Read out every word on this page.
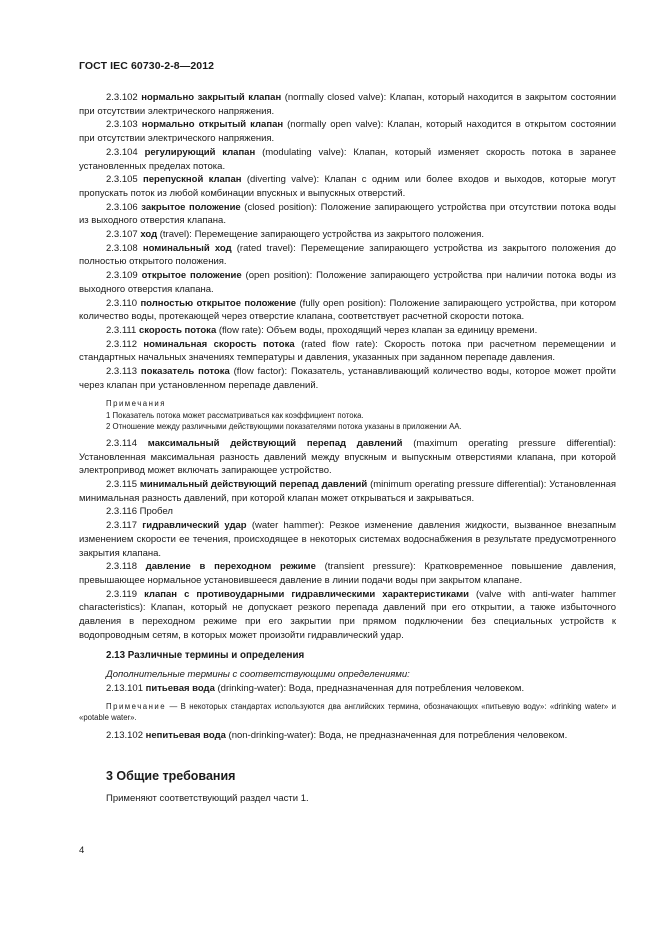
ГОСТ IEC 60730-2-8—2012

2.3.102 нормально закрытый клапан (normally closed valve): Клапан, который находится в закрытом состоянии при отсутствии электрического напряжения.

2.3.103 нормально открытый клапан (normally open valve): Клапан, который находится в открытом состоянии при отсутствии электрического напряжения.

2.3.104 регулирующий клапан (modulating valve): Клапан, который изменяет скорость потока в заранее установленных пределах потока.

2.3.105 перепускной клапан (diverting valve): Клапан с одним или более входов и выходов, которые могут пропускать поток из любой комбинации впускных и выпускных отверстий.

2.3.106 закрытое положение (closed position): Положение запирающего устройства при отсутствии потока воды из выходного отверстия клапана.

2.3.107 ход (travel): Перемещение запирающего устройства из закрытого положения.

2.3.108 номинальный ход (rated travel): Перемещение запирающего устройства из закрытого положения до полностью открытого положения.

2.3.109 открытое положение (open position): Положение запирающего устройства при наличии потока воды из выходного отверстия клапана.

2.3.110 полностью открытое положение (fully open position): Положение запирающего устройства, при котором количество воды, протекающей через отверстие клапана, соответствует расчетной скорости потока.

2.3.111 скорость потока (flow rate): Объем воды, проходящий через клапан за единицу времени.

2.3.112 номинальная скорость потока (rated flow rate): Скорость потока при расчетном перемещении и стандартных начальных значениях температуры и давления, указанных при заданном перепаде давления.

2.3.113 показатель потока (flow factor): Показатель, устанавливающий количество воды, которое может пройти через клапан при установленном перепаде давлений.

Примечания

1 Показатель потока может рассматриваться как коэффициент потока.

2 Отношение между различными действующими показателями потока указаны в приложении АА.

2.3.114 максимальный действующий перепад давлений (maximum operating pressure differential): Установленная максимальная разность давлений между впускным и выпускным отверстиями клапана, при которой электропривод может включать запирающее устройство.

2.3.115 минимальный действующий перепад давлений (minimum operating pressure differential): Установленная минимальная разность давлений, при которой клапан может открываться и закрываться.

2.3.116 Пробел

2.3.117 гидравлический удар (water hammer): Резкое изменение давления жидкости, вызванное внезапным изменением скорости ее течения, происходящее в некоторых системах водоснабжения в результате предусмотренного закрытия клапана.

2.3.118 давление в переходном режиме (transient pressure): Кратковременное повышение давления, превышающее нормальное установившееся давление в линии подачи воды при закрытом клапане.

2.3.119 клапан с противоударными гидравлическими характеристиками (valve with anti-water hammer characteristics): Клапан, который не допускает резкого перепада давлений при его открытии, а также избыточного давления в переходном режиме при его закрытии при прямом подключении без специальных устройств к водопроводным сетям, в которых может произойти гидравлический удар.

2.13 Различные термины и определения

Дополнительные термины с соответствующими определениями:

2.13.101 питьевая вода (drinking-water): Вода, предназначенная для потребления человеком.

Примечание — В некоторых стандартах используются два английских термина, обозначающих «питьевую воду»: «drinking water» и «potable water».

2.13.102 непитьевая вода (non-drinking-water): Вода, не предназначенная для потребления человеком.

3 Общие требования

Применяют соответствующий раздел части 1.

4
